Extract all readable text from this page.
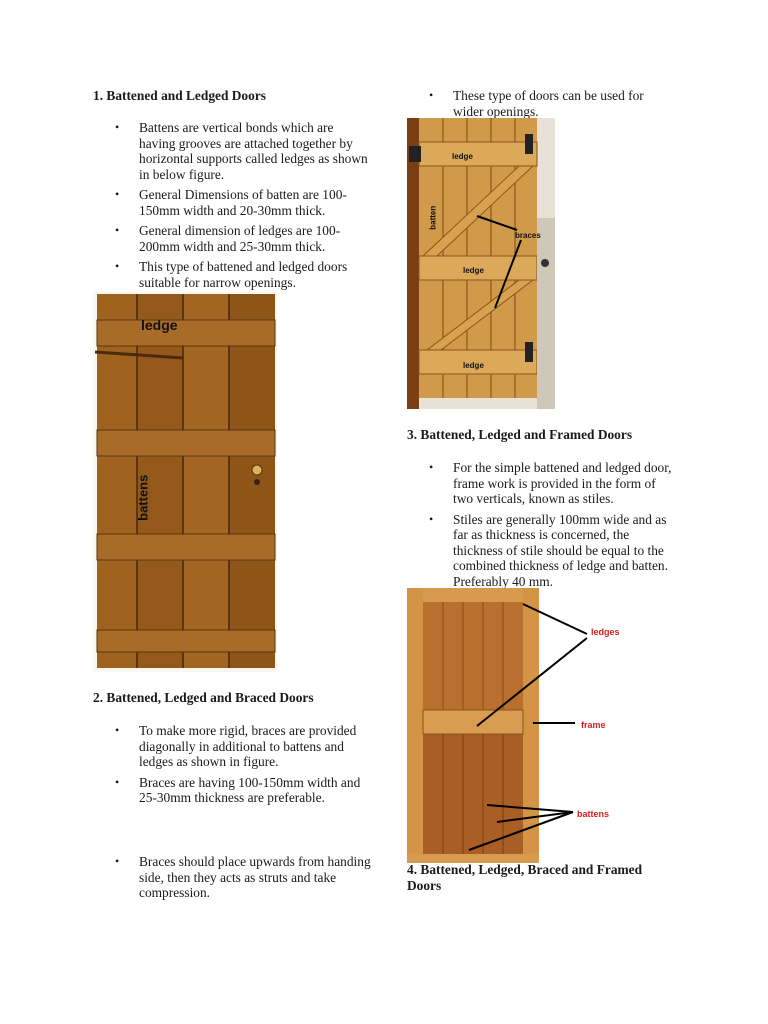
1. Battened and Ledged Doors
• Battens are vertical bonds which are having grooves are attached together by horizontal supports called ledges as shown in below figure.
• General Dimensions of batten are 100-150mm width and 20-30mm thick.
• General dimension of ledges are 100-200mm width and 25-30mm thick.
• This type of battened and ledged doors suitable for narrow openings.
ledge
battens
2. Battened, Ledged and Braced Doors
• To make more rigid, braces are provided diagonally in additional to battens and ledges as shown in figure.
• Braces are having 100-150mm width and 25-30mm thickness are preferable.
• Braces should place upwards from handing side, then they acts as struts and take compression.
• These type of doors can be used for wider openings.
ledge
braces
ledge
ledge
batten
3. Battened, Ledged and Framed Doors
• For the simple battened and ledged door, frame work is provided in the form of two verticals, known as stiles.
• Stiles are generally 100mm wide and as far as thickness is concerned, the thickness of stile should be equal to the combined thickness of ledge and batten. Preferably 40 mm.
ledges
frame
battens
4. Battened, Ledged, Braced and Framed Doors
